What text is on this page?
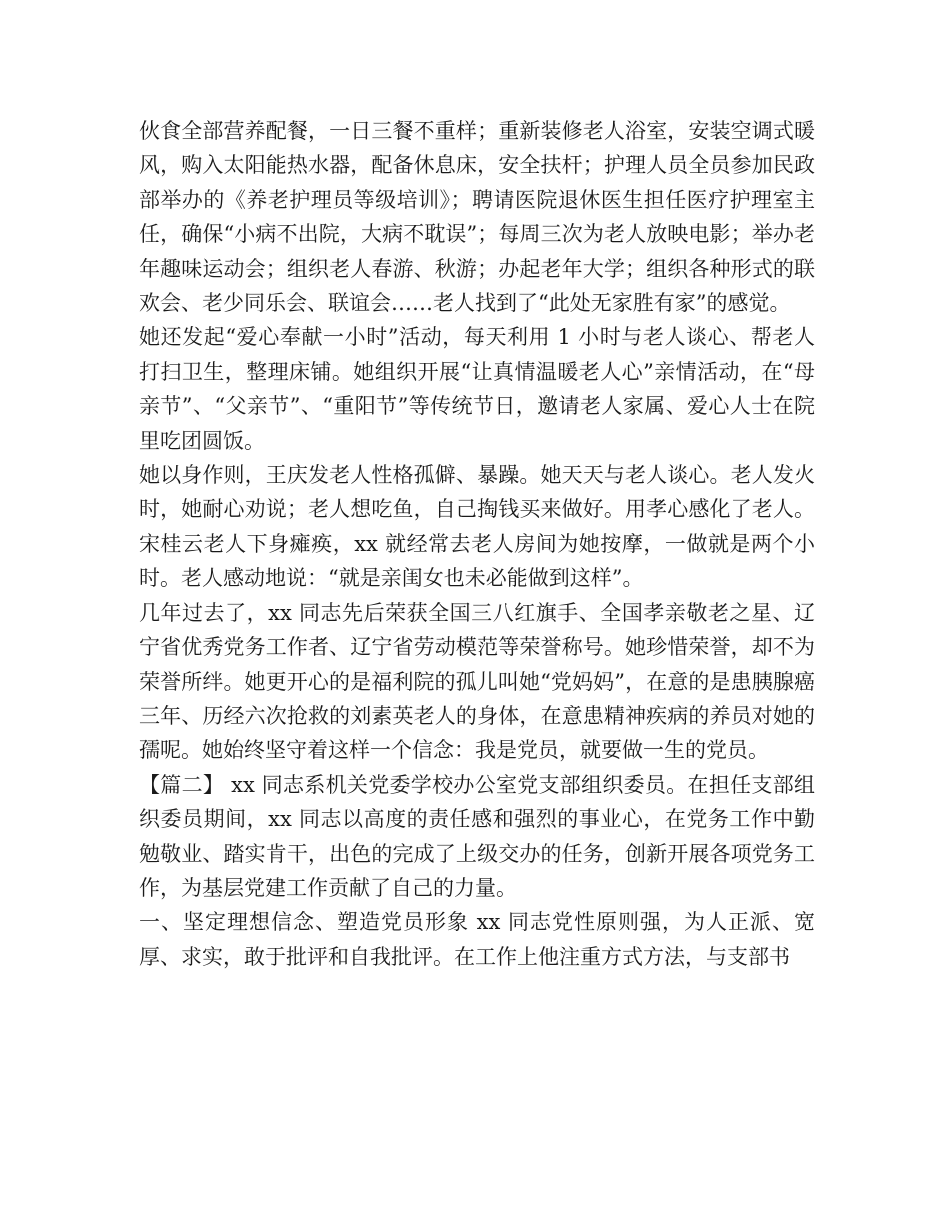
伙食全部营养配餐，一日三餐不重样；重新装修老人浴室，安装空调式暖风，购入太阳能热水器，配备休息床，安全扶杆；护理人员全员参加民政部举办的《养老护理员等级培训》；聘请医院退休医生担任医疗护理室主任，确保“小病不出院，大病不耽误”；每周三次为老人放映电影；举办老年趣味运动会；组织老人春游、秋游；办起老年大学；组织各种形式的联欢会、老少同乐会、联谊会……老人找到了“此处无家胜有家”的感觉。

她还发起“爱心奉献一小时”活动，每天利用 1 小时与老人谈心、帮老人打扫卫生，整理床铺。她组织开展“让真情温暖老人心”亲情活动，在“母亲节”、“父亲节”、“重阳节”等传统节日，邀请老人家属、爱心人士在院里吃团圆饭。

她以身作则，王庆发老人性格孤僻、暴躁。她天天与老人谈心。老人发火时，她耐心劝说；老人想吃鱼，自己掏钱买来做好。用孝心感化了老人。宋桂云老人下身瘫痪，xx 就经常去老人房间为她按摩，一做就是两个小时。老人感动地说：“就是亲闺女也未必能做到这样”。

几年过去了，xx 同志先后荣获全国三八红旗手、全国孝亲敬老之星、辽宁省优秀党务工作者、辽宁省劳动模范等荣誉称号。她珍惜荣誉，却不为荣誉所绊。她更开心的是福利院的孤儿叫她“党妈妈”，在意的是患胰腺癌三年、历经六次抢救的刘素英老人的身体，在意患精神疾病的养员对她的孺呢。她始终坚守着这样一个信念：我是党员，就要做一生的党员。

【篇二】 xx 同志系机关党委学校办公室党支部组织委员。在担任支部组织委员期间，xx 同志以高度的责任感和强烈的事业心，在党务工作中勤勉敬业、踏实肯干，出色的完成了上级交办的任务，创新开展各项党务工作，为基层党建工作贡献了自己的力量。

一、坚定理想信念、塑造党员形象 xx 同志党性原则强，为人正派、宽厚、求实，敢于批评和自我批评。在工作上他注重方式方法，与支部书
